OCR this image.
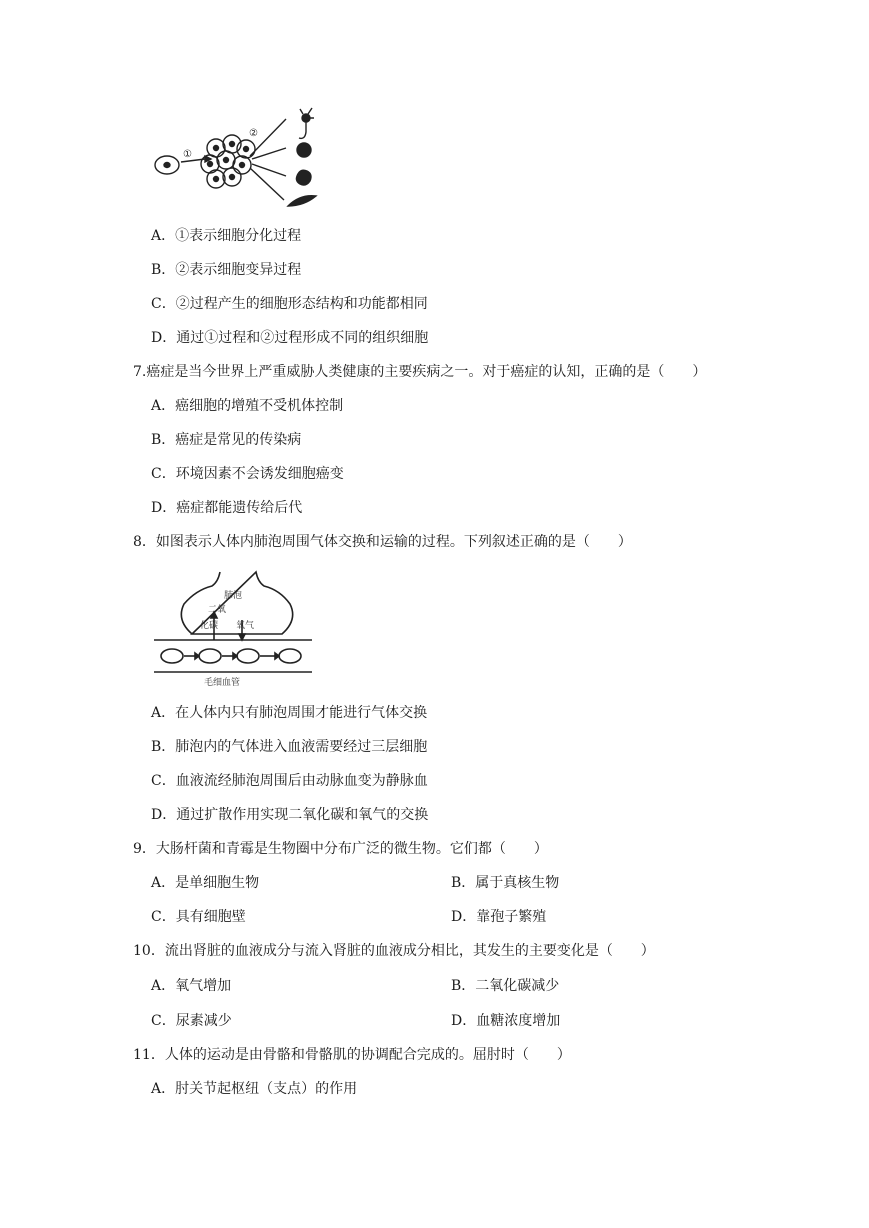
①
②
A．①表示细胞分化过程
B．②表示细胞变异过程
C．②过程产生的细胞形态结构和功能都相同
D．通过①过程和②过程形成不同的组织细胞
7.癌症是当今世界上严重威胁人类健康的主要疾病之一。对于癌症的认知，正确的是（　　）
A．癌细胞的增殖不受机体控制
B．癌症是常见的传染病
C．环境因素不会诱发细胞癌变
D．癌症都能遗传给后代
8．如图表示人体内肺泡周围气体交换和运输的过程。下列叙述正确的是（　　）
肺泡
二氧
化碳 氧气
毛细血管
A．在人体内只有肺泡周围才能进行气体交换
B．肺泡内的气体进入血液需要经过三层细胞
C．血液流经肺泡周围后由动脉血变为静脉血
D．通过扩散作用实现二氧化碳和氧气的交换
9．大肠杆菌和青霉是生物圈中分布广泛的微生物。它们都（　　）
A．是单细胞生物	B．属于真核生物
C．具有细胞壁	D．靠孢子繁殖
10．流出肾脏的血液成分与流入肾脏的血液成分相比，其发生的主要变化是（　　）
A．氧气增加	B．二氧化碳减少
C．尿素减少	D．血糖浓度增加
11．人体的运动是由骨骼和骨骼肌的协调配合完成的。屈肘时（　　）
A．肘关节起枢纽（支点）的作用
